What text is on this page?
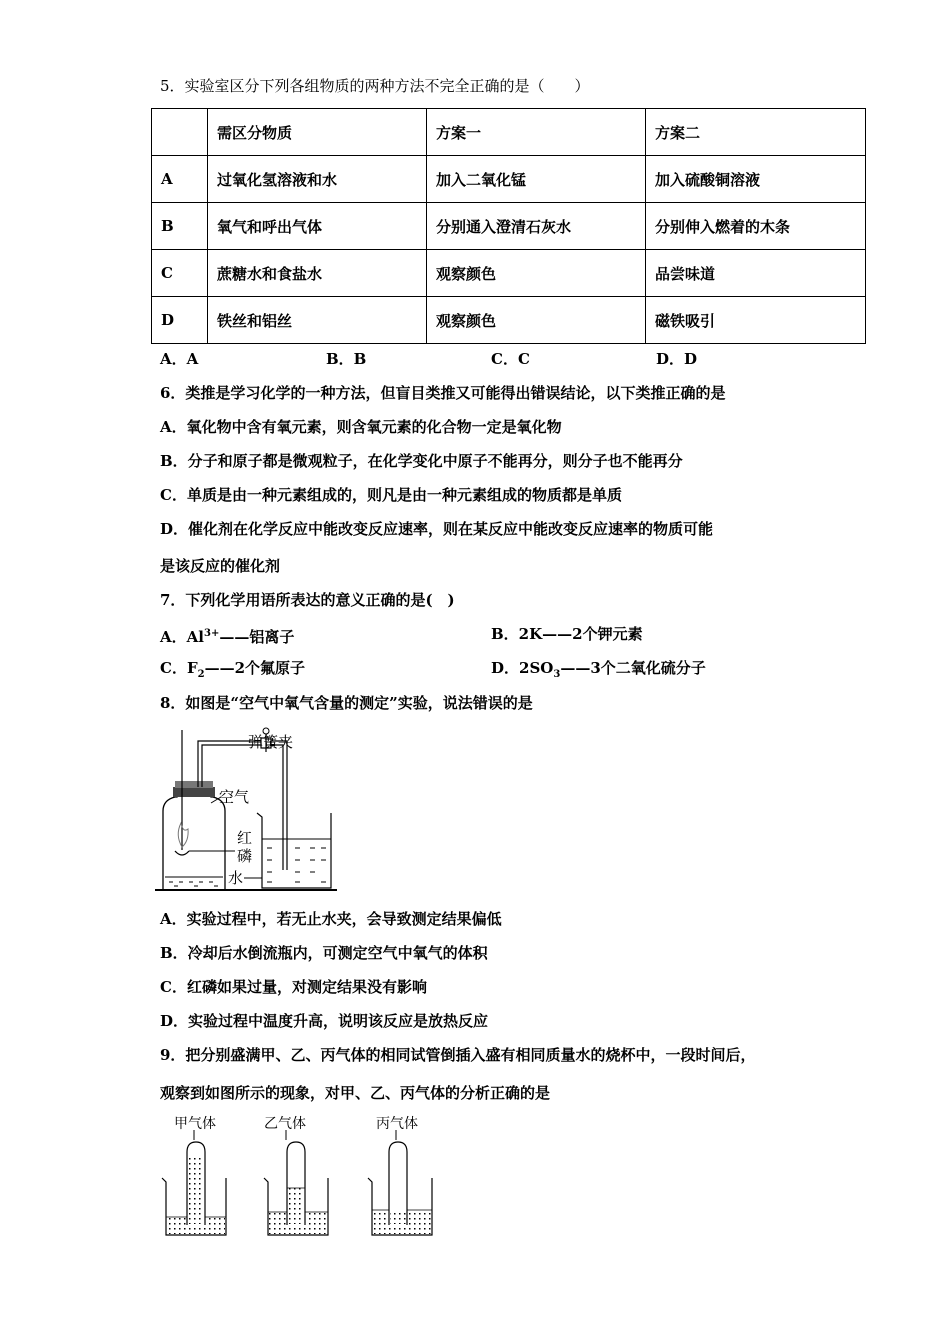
5．实验室区分下列各组物质的两种方法不完全正确的是（　　）
	需区分物质	方案一	方案二
A	过氧化氢溶液和水	加入二氧化锰	加入硫酸铜溶液
B	氧气和呼出气体	分别通入澄清石灰水	分别伸入燃着的木条
C	蔗糖水和食盐水	观察颜色	品尝味道
D	铁丝和铝丝	观察颜色	磁铁吸引
A．A	B．B	C．C	D．D
6．类推是学习化学的一种方法，但盲目类推又可能得出错误结论，以下类推正确的是
A．氧化物中含有氧元素，则含氧元素的化合物一定是氧化物
B．分子和原子都是微观粒子，在化学变化中原子不能再分，则分子也不能再分
C．单质是由一种元素组成的，则凡是由一种元素组成的物质都是单质
D．催化剂在化学反应中能改变反应速率，则在某反应中能改变反应速率的物质可能
是该反应的催化剂
7．下列化学用语所表达的意义正确的是(　)
A．$Al^{3+}——$铝离子	B．2K——2个钾元素
C．$F_2——2$个氟原子	D．$2SO_3——3$个二氧化硫分子
8．如图是“空气中氧气含量的测定”实验，说法错误的是
弹簧夹
空气
红
磷
水
A．实验过程中，若无止水夹，会导致测定结果偏低
B．冷却后水倒流瓶内，可测定空气中氧气的体积
C．红磷如果过量，对测定结果没有影响
D．实验过程中温度升高，说明该反应是放热反应
9．把分别盛满甲、乙、丙气体的相同试管倒插入盛有相同质量水的烧杯中，一段时间后，
观察到如图所示的现象，对甲、乙、丙气体的分析正确的是
甲气体	乙气体	丙气体
